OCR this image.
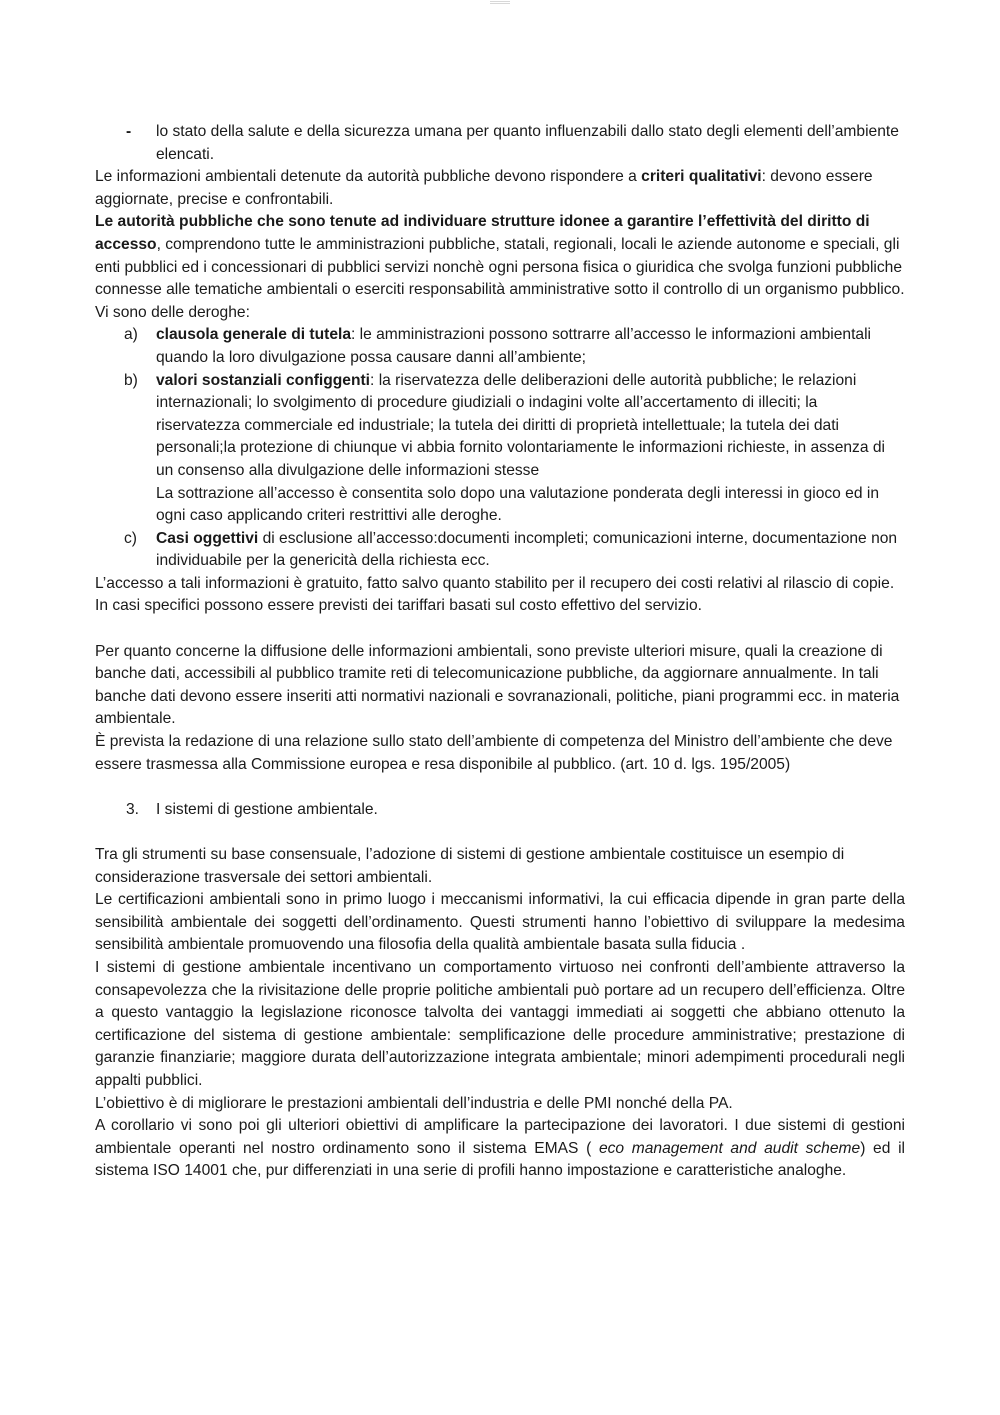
-	lo stato della salute e della sicurezza umana per quanto influenzabili dallo stato degli elementi dell’ambiente elencati.

Le informazioni ambientali detenute da autorità pubbliche devono rispondere a criteri qualitativi: devono essere aggiornate, precise e confrontabili.

Le autorità pubbliche che sono tenute ad individuare strutture idonee a garantire l’effettività del diritto di accesso, comprendono tutte le amministrazioni pubbliche, statali, regionali, locali le aziende autonome e speciali, gli enti pubblici ed i concessionari di pubblici servizi nonchè ogni persona fisica o giuridica che svolga funzioni pubbliche connesse alle tematiche ambientali o eserciti responsabilità amministrative sotto il controllo di un organismo pubblico.

Vi sono delle deroghe:

a)	clausola generale di tutela: le amministrazioni possono sottrarre all’accesso le informazioni ambientali quando la loro divulgazione possa causare danni all’ambiente;
b)	valori sostanziali configgenti: la riservatezza delle deliberazioni delle autorità pubbliche; le relazioni internazionali; lo svolgimento di procedure giudiziali o indagini volte all’accertamento di illeciti; la riservatezza commerciale ed industriale; la tutela dei diritti di proprietà intellettuale; la tutela dei dati personali;la protezione di chiunque vi abbia fornito volontariamente le informazioni richieste, in assenza di un consenso alla divulgazione delle informazioni stesse

La sottrazione all’accesso è consentita solo dopo una valutazione ponderata degli interessi in gioco ed in ogni caso applicando criteri restrittivi alle deroghe.

c)	Casi oggettivi di esclusione all’accesso:documenti incompleti; comunicazioni interne, documentazione non individuabile per la genericità della richiesta ecc.

L’accesso a tali informazioni è gratuito, fatto salvo quanto stabilito per il recupero dei costi relativi al rilascio di copie. In casi specifici possono essere previsti dei tariffari basati sul costo effettivo del servizio.

Per quanto concerne la diffusione delle informazioni ambientali, sono previste ulteriori misure, quali la creazione di banche dati, accessibili al pubblico tramite reti di telecomunicazione pubbliche, da aggiornare annualmente. In tali banche dati devono essere inseriti atti normativi nazionali e sovranazionali, politiche, piani programmi ecc. in materia ambientale.

È prevista la redazione di una relazione sullo stato dell’ambiente di competenza del Ministro dell’ambiente che deve essere trasmessa alla Commissione europea e resa disponibile al pubblico. (art. 10 d. lgs. 195/2005)

3.	I sistemi di gestione ambientale.

Tra gli strumenti su base consensuale, l’adozione di sistemi di gestione ambientale costituisce un esempio di considerazione trasversale dei settori ambientali.

Le certificazioni ambientali sono in primo luogo i meccanismi informativi, la cui efficacia dipende in gran parte della sensibilità ambientale dei soggetti dell’ordinamento. Questi strumenti hanno l’obiettivo di sviluppare la medesima sensibilità ambientale promuovendo una filosofia della qualità ambientale basata sulla fiducia .

I sistemi di gestione ambientale incentivano un comportamento virtuoso nei confronti dell’ambiente attraverso la consapevolezza che la rivisitazione delle proprie politiche ambientali può portare ad un recupero dell’efficienza. Oltre a questo vantaggio la legislazione riconosce talvolta dei vantaggi immediati ai soggetti che abbiano ottenuto la certificazione del sistema di gestione ambientale: semplificazione delle procedure amministrative; prestazione di garanzie finanziarie; maggiore durata dell’autorizzazione integrata ambientale; minori adempimenti procedurali negli appalti pubblici.

L’obiettivo è di migliorare le prestazioni ambientali dell’industria e delle PMI nonché della PA.

A corollario vi sono poi gli ulteriori obiettivi di amplificare la partecipazione dei lavoratori. I due sistemi di gestioni ambientale operanti nel nostro ordinamento sono il sistema EMAS ( eco management and audit scheme) ed il sistema ISO 14001 che, pur differenziati in una serie di profili hanno impostazione e caratteristiche analoghe.
